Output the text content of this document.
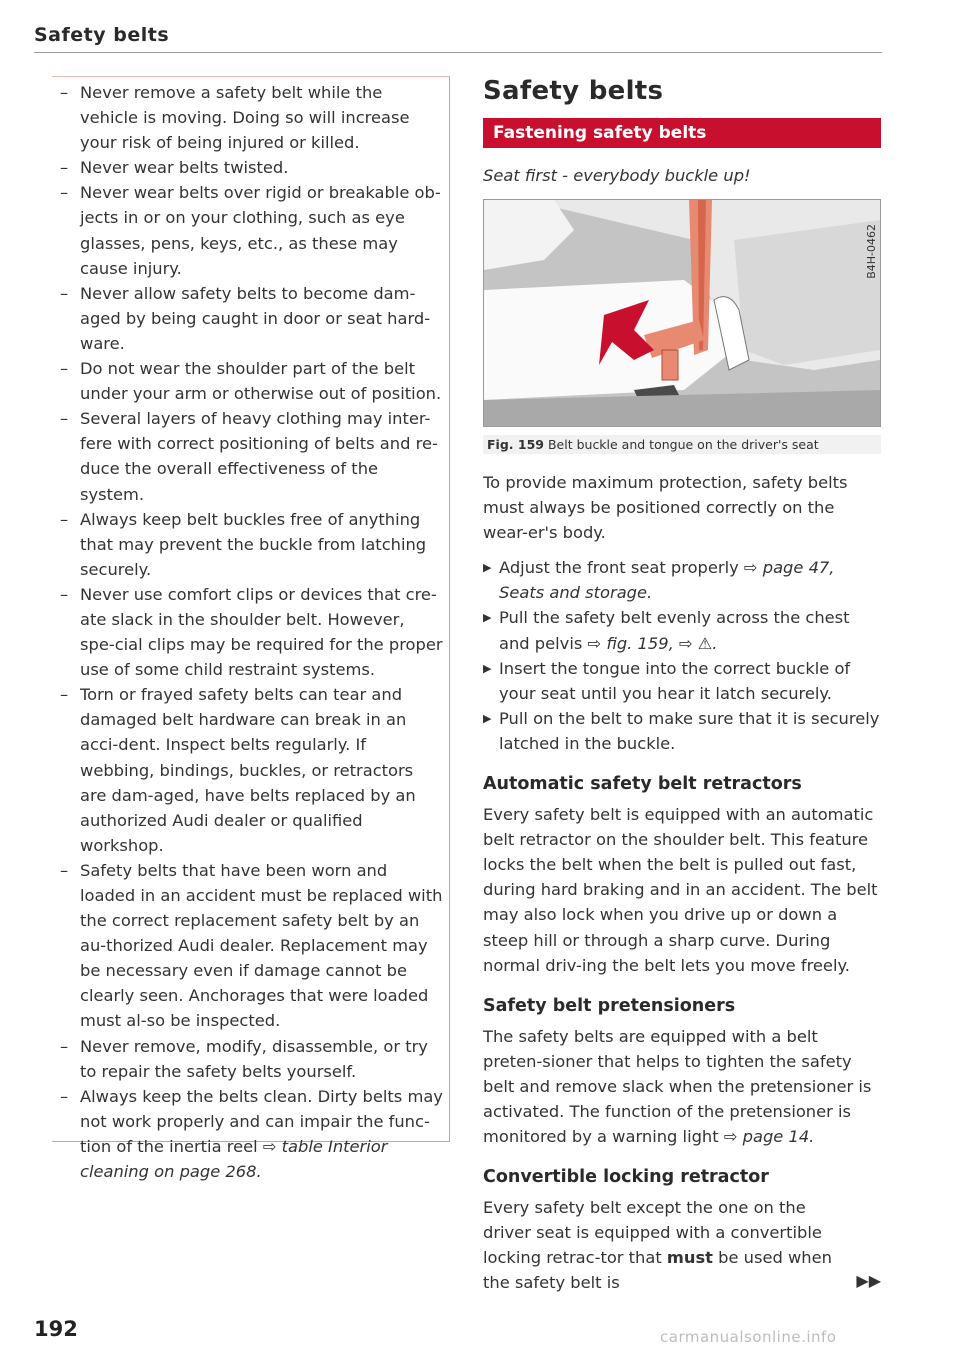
Safety belts
– Never remove a safety belt while the vehicle is moving. Doing so will increase your risk of being injured or killed.
– Never wear belts twisted.
– Never wear belts over rigid or breakable ob-jects in or on your clothing, such as eye glasses, pens, keys, etc., as these may cause injury.
– Never allow safety belts to become dam-aged by being caught in door or seat hard-ware.
– Do not wear the shoulder part of the belt under your arm or otherwise out of position.
– Several layers of heavy clothing may inter-fere with correct positioning of belts and re-duce the overall effectiveness of the system.
– Always keep belt buckles free of anything that may prevent the buckle from latching securely.
– Never use comfort clips or devices that cre-ate slack in the shoulder belt. However, spe-cial clips may be required for the proper use of some child restraint systems.
– Torn or frayed safety belts can tear and damaged belt hardware can break in an acci-dent. Inspect belts regularly. If webbing, bindings, buckles, or retractors are dam-aged, have belts replaced by an authorized Audi dealer or qualified workshop.
– Safety belts that have been worn and loaded in an accident must be replaced with the correct replacement safety belt by an au-thorized Audi dealer. Replacement may be necessary even if damage cannot be clearly seen. Anchorages that were loaded must al-so be inspected.
– Never remove, modify, disassemble, or try to repair the safety belts yourself.
– Always keep the belts clean. Dirty belts may not work properly and can impair the func-tion of the inertia reel ⇨ table Interior cleaning on page 268.
192
Safety belts
Fastening safety belts
Seat first - everybody buckle up!
B4H-0462
Fig. 159 Belt buckle and tongue on the driver's seat
To provide maximum protection, safety belts must always be positioned correctly on the wear-er's body.
▶ Adjust the front seat properly ⇨ page 47, Seats and storage.
▶ Pull the safety belt evenly across the chest and pelvis ⇨ fig. 159, ⇨ ⚠.
▶ Insert the tongue into the correct buckle of your seat until you hear it latch securely.
▶ Pull on the belt to make sure that it is securely latched in the buckle.
Automatic safety belt retractors
Every safety belt is equipped with an automatic belt retractor on the shoulder belt. This feature locks the belt when the belt is pulled out fast, during hard braking and in an accident. The belt may also lock when you drive up or down a steep hill or through a sharp curve. During normal driv-ing the belt lets you move freely.
Safety belt pretensioners
The safety belts are equipped with a belt preten-sioner that helps to tighten the safety belt and remove slack when the pretensioner is activated. The function of the pretensioner is monitored by a warning light ⇨ page 14.
Convertible locking retractor
Every safety belt except the one on the driver seat is equipped with a convertible locking retrac-tor that must be used when the safety belt is	▶▶
carmanualsonline.info
